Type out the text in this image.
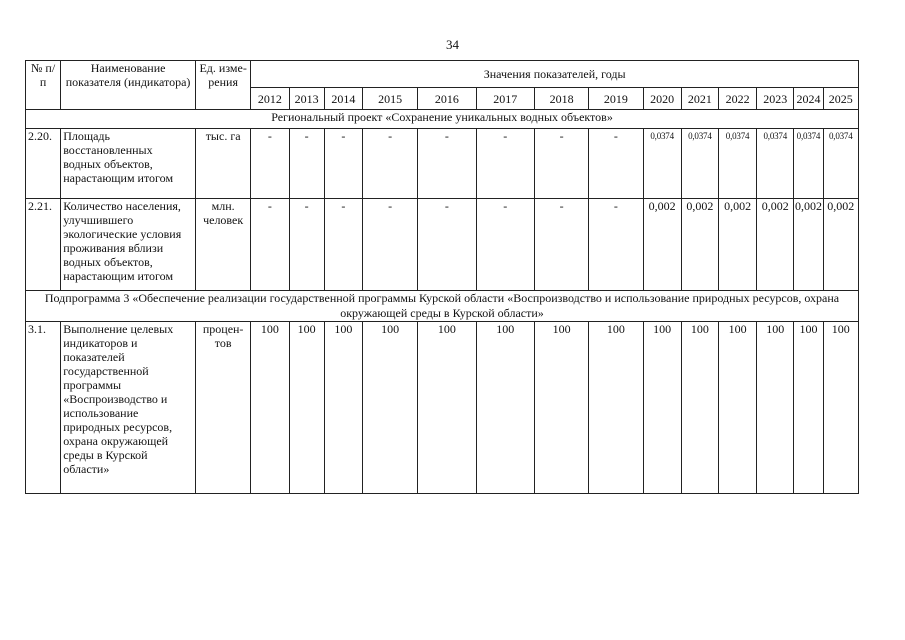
34
№ п/п	Наименование показателя (индикатора)	Ед. изме-рения	Значения показателей, годы													
			2012	2013	2014	2015	2016	2017	2018	2019	2020	2021	2022	2023	2024	2025
Региональный проект «Сохранение уникальных водных объектов»																
2.20.	Площадь восстановленных водных объектов, нарастающим итогом	тыс. га	-	-	-	-	-	-	-	-	0,0374	0,0374	0,0374	0,0374	0,0374	0,0374
2.21.	Количество населения, улучшившего экологические условия проживания вблизи водных объектов, нарастающим итогом	млн. человек	-	-	-	-	-	-	-	-	0,002	0,002	0,002	0,002	0,002	0,002
Подпрограмма 3 «Обеспечение реализации государственной программы Курской области «Воспроизводство и использование природных ресурсов, охрана окружающей среды в Курской области»																
3.1.	Выполнение целевых индикаторов и показателей государственной программы «Воспроизводство и использование природных ресурсов, охрана окружающей среды в Курской области»	процен-тов	100	100	100	100	100	100	100	100	100	100	100	100	100	100
